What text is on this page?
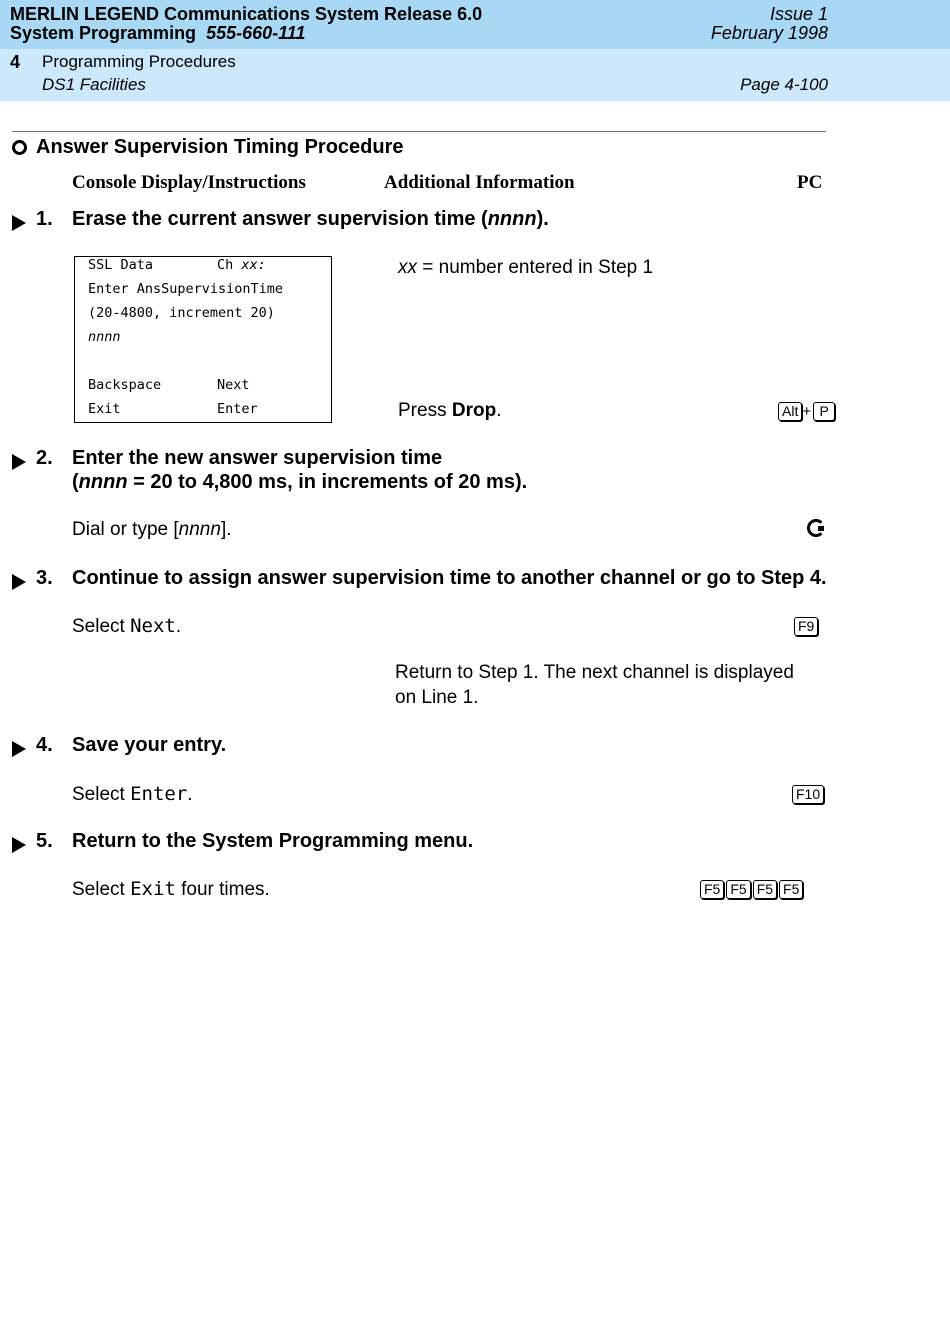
MERLIN LEGEND Communications System Release 6.0
System Programming 555-660-111
Issue 1
February 1998
4 Programming Procedures
DS1 Facilities	Page 4-100
Answer Supervision Timing Procedure
Console Display/Instructions	Additional Information	PC
1. Erase the current answer supervision time (nnnn).
SSL Data	Ch xx:
Enter AnsSupervisionTime
(20-4800, increment 20)
nnnn
Backspace	Next
Exit	Enter
xx = number entered in Step 1
Press Drop.	Alt + P
2. Enter the new answer supervision time
(nnnn = 20 to 4,800 ms, in increments of 20 ms).
Dial or type [nnnn].
3. Continue to assign answer supervision time to another channel or go to Step 4.
Select Next.	F9
Return to Step 1. The next channel is displayed
on Line 1.
4. Save your entry.
Select Enter.	F10
5. Return to the System Programming menu.
Select Exit four times.	F5 F5 F5 F5
